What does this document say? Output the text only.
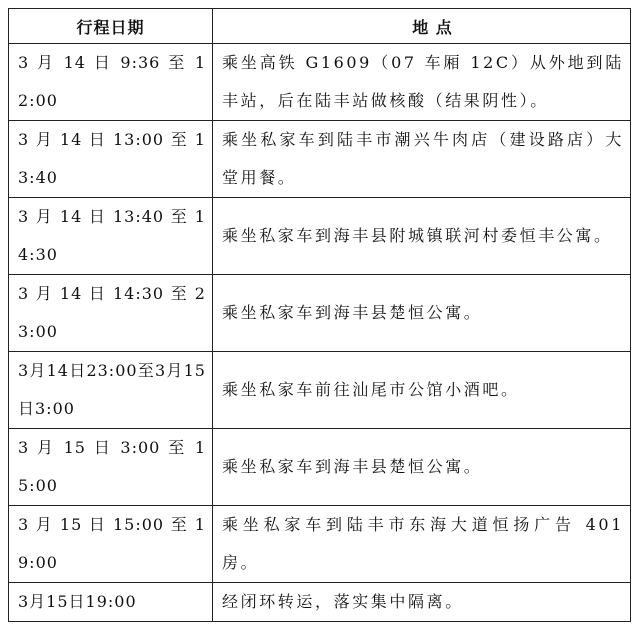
行程日期	地 点
3 月 14 日 9:36 至 12:00	乘坐高铁 G1609（07 车厢 12C）从外地到陆丰站，后在陆丰站做核酸（结果阴性）。
3 月 14 日 13:00 至 13:40	乘坐私家车到陆丰市潮兴牛肉店（建设路店）大堂用餐。
3 月 14 日 13:40 至 14:30	乘坐私家车到海丰县附城镇联河村委恒丰公寓。
3 月 14 日 14:30 至 23:00	乘坐私家车到海丰县楚恒公寓。
3月14日23:00至3月15日3:00	乘坐私家车前往汕尾市公馆小酒吧。
3 月 15 日 3:00 至 15:00	乘坐私家车到海丰县楚恒公寓。
3 月 15 日 15:00 至 19:00	乘坐私家车到陆丰市东海大道恒扬广告 401 房。
3月15日19:00	经闭环转运，落实集中隔离。
